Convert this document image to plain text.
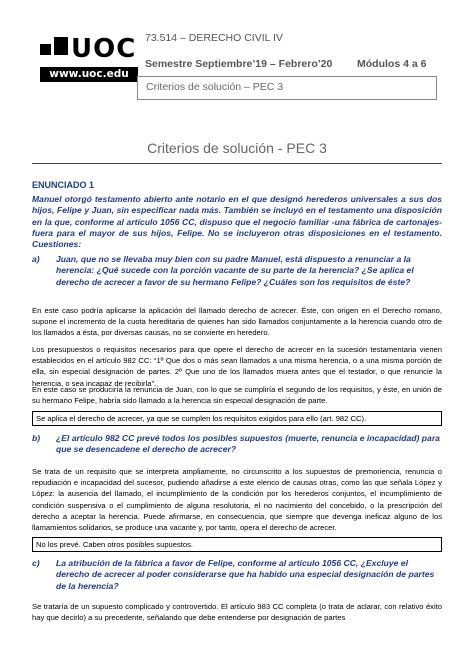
UOC
www.uoc.edu
73.514 – DERECHO CIVIL IV
Semestre Septiembre’19 – Febrero’20 Módulos 4 a 6
Criterios de solución – PEC 3
Criterios de solución - PEC 3
ENUNCIADO 1
Manuel otorgó testamento abierto ante notario en el que designó herederos universales a sus dos hijos, Felipe y Juan, sin especificar nada más. También se incluyó en el testamento una disposición en la que, conforme al artículo 1056 CC, dispuso que el negocio familiar -una fábrica de cartonajes- fuera para el mayor de sus hijos, Felipe. No se incluyeron otras disposiciones en el testamento. Cuestiones:
a) Juan, que no se llevaba muy bien con su padre Manuel, está dispuesto a renunciar a la herencia: ¿Qué sucede con la porción vacante de su parte de la herencia? ¿Se aplica el derecho de acrecer a favor de su hermano Felipe? ¿Cuáles son los requisitos de éste?
En este caso podría aplicarse la aplicación del llamado derecho de acrecer. Éste, con origen en el Derecho romano, supone el incremento de la cuota hereditaria de quienes han sido llamados conjuntamente a la herencia cuando otro de los llamados a ésta, por diversas causas, no se convierte en heredero.
Los presupuestos o requisitos necesarios para que opere el derecho de acrecer en la sucesión testamentaria vienen establecidos en el artículo 982 CC: “1º Que dos o más sean llamados a una misma herencia, o a una misma porción de ella, sin especial designación de partes. 2º Que uno de los llamados muera antes que el testador, o que renuncie la herencia, o sea incapaz de recibirla”.
En este caso se produciría la renuncia de Juan, con lo que se cumpliría el segundo de los requisitos, y éste, en unión de su hermano Felipe, habría sido llamado a la herencia sin especial designación de parte.
Se aplica el derecho de acrecer, ya que se cumplen los requisitos exigidos para ello (art. 982 CC).
b) ¿El artículo 982 CC prevé todos los posibles supuestos (muerte, renuncia e incapacidad) para que se desencadene el derecho de acrecer?
Se trata de un requisito que se interpreta ampliamente, no circunscrito a los supuestos de premoriencia, renuncia o repudiación e incapacidad del sucesor, pudiendo añadirse a este elenco de causas otras, como las que señala López y López: la ausencia del llamado, el incumplimiento de la condición por los herederos conjuntos, el incumplimiento de condición suspensiva o el cumplimiento de alguna resolutoria, el no nacimiento del concebido, o la prescripción del derecho a aceptar la herencia. Puede afirmarse, en consecuencia, que siempre que devenga ineficaz alguno de los llamamientos solidarios, se produce una vacante y, por tanto, opera el derecho de acrecer.
No los prevé. Caben otros posibles supuestos.
c) La atribución de la fábrica a favor de Felipe, conforme al artículo 1056 CC, ¿Excluye el derecho de acrecer al poder considerarse que ha habido una especial designación de partes de la herencia?
Se trataría de un supuesto complicado y controvertido. El artículo 983 CC completa (o trata de aclarar, con relativo éxito hay que decirlo) a su precedente, señalando que debe entenderse por designación de partes
